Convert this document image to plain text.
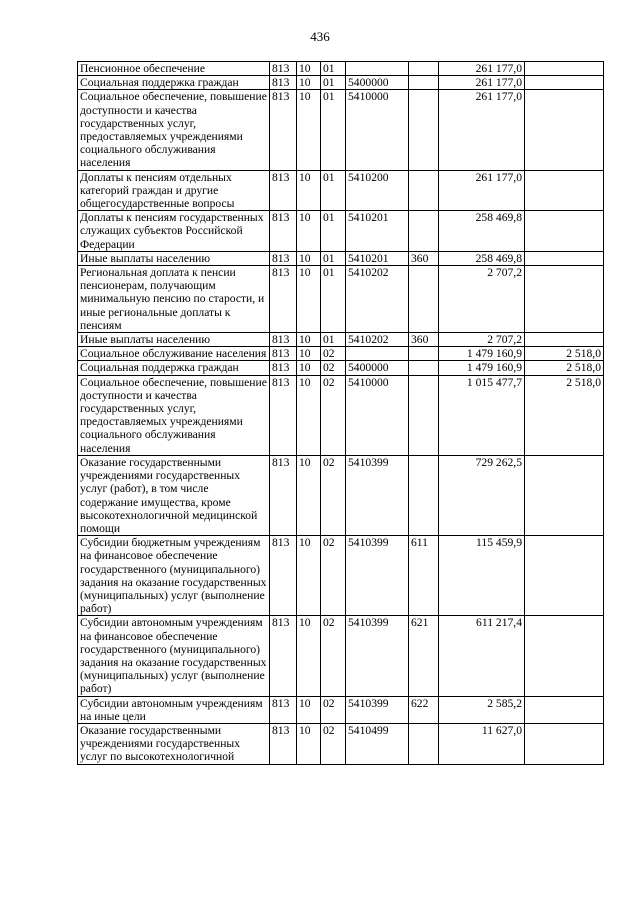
436
Пенсионное обеспечение	813	10	01			261 177,0	
Социальная поддержка граждан	813	10	01	5400000		261 177,0	
Социальное обеспечение, повышение доступности и качества государственных услуг, предоставляемых учреждениями социального обслуживания населения	813	10	01	5410000		261 177,0	
Доплаты к пенсиям отдельных категорий граждан и другие общегосударственные вопросы	813	10	01	5410200		261 177,0	
Доплаты к пенсиям государственных служащих субъектов Российской Федерации	813	10	01	5410201		258 469,8	
Иные выплаты населению	813	10	01	5410201	360	258 469,8	
Региональная доплата к пенсии пенсионерам, получающим минимальную пенсию по старости, и иные региональные доплаты к пенсиям	813	10	01	5410202		2 707,2	
Иные выплаты населению	813	10	01	5410202	360	2 707,2	
Социальное обслуживание населения	813	10	02			1 479 160,9	2 518,0
Социальная поддержка граждан	813	10	02	5400000		1 479 160,9	2 518,0
Социальное обеспечение, повышение доступности и качества государственных услуг, предоставляемых учреждениями социального обслуживания населения	813	10	02	5410000		1 015 477,7	2 518,0
Оказание государственными учреждениями государственных услуг (работ), в том числе содержание имущества, кроме высокотехнологичной медицинской помощи	813	10	02	5410399		729 262,5	
Субсидии бюджетным учреждениям на финансовое обеспечение государственного (муниципального) задания на оказание государственных (муниципальных) услуг (выполнение работ)	813	10	02	5410399	611	115 459,9	
Субсидии автономным учреждениям на финансовое обеспечение государственного (муниципального) задания на оказание государственных (муниципальных) услуг (выполнение работ)	813	10	02	5410399	621	611 217,4	
Субсидии автономным учреждениям на иные цели	813	10	02	5410399	622	2 585,2	
Оказание государственными учреждениями государственных услуг по высокотехнологичной	813	10	02	5410499		11 627,0	
